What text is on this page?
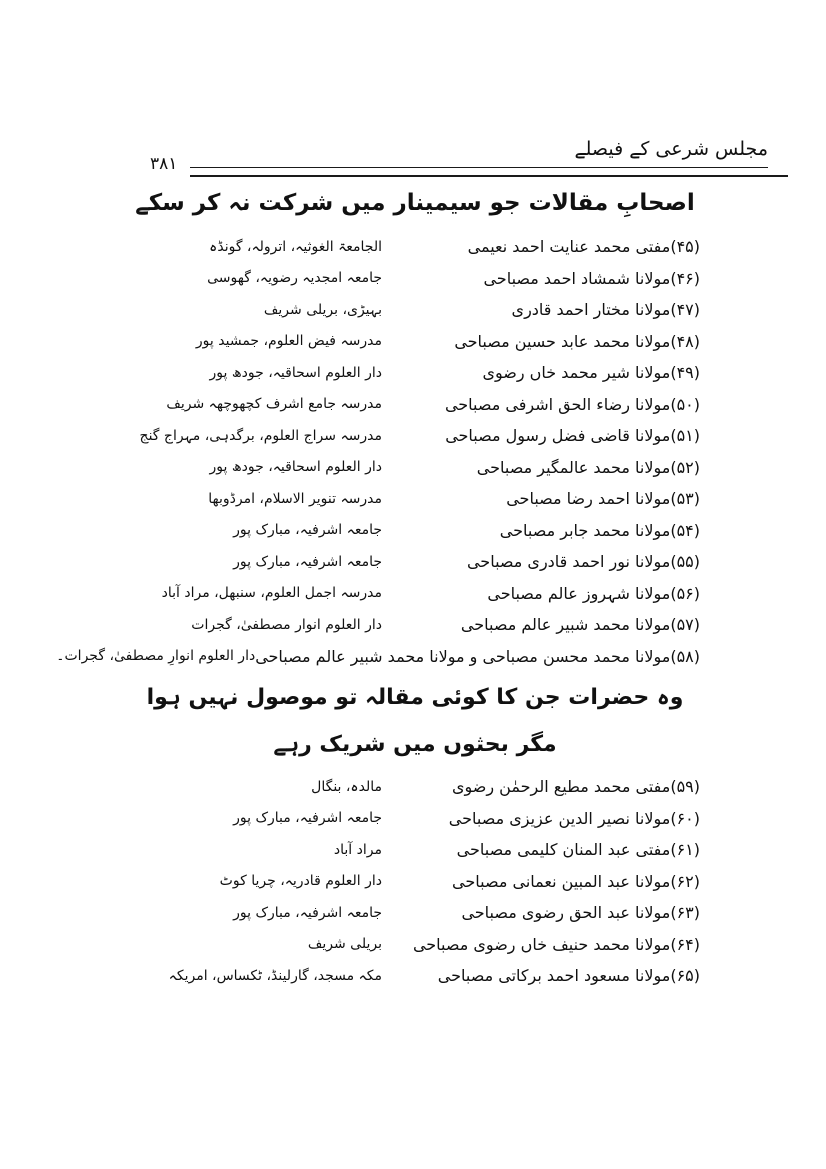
مجلس شرعی کے فیصلے
۳۸۱
اصحابِ مقالات جو سیمینار میں شرکت نہ کر سکے
(۴۵)مفتی محمد عنایت احمد نعیمی
الجامعۃ الغوثیہ، اترولہ، گونڈہ
(۴۶)مولانا شمشاد احمد مصباحی
جامعہ امجدیہ رضویہ، گھوسی
(۴۷)مولانا مختار احمد قادری
بہیڑی، بریلی شریف
(۴۸)مولانا محمد عابد حسین مصباحی
مدرسہ فیض العلوم، جمشید پور
(۴۹)مولانا شیر محمد خاں رضوی
دار العلوم اسحاقیہ، جودھ پور
(۵۰)مولانا رضاء الحق اشرفی مصباحی
مدرسہ جامع اشرف کچھوچھہ شریف
(۵۱)مولانا قاضی فضل رسول مصباحی
مدرسہ سراج العلوم، برگدہی، مہراج گنج
(۵۲)مولانا محمد عالمگیر مصباحی
دار العلوم اسحاقیہ، جودھ پور
(۵۳)مولانا احمد رضا مصباحی
مدرسہ تنویر الاسلام، امرڈوبھا
(۵۴)مولانا محمد جابر مصباحی
جامعہ اشرفیہ، مبارک پور
(۵۵)مولانا نور احمد قادری مصباحی
جامعہ اشرفیہ، مبارک پور
(۵۶)مولانا شہروز عالم مصباحی
مدرسہ اجمل العلوم، سنبھل، مراد آباد
(۵۷)مولانا محمد شبیر عالم مصباحی
دار العلوم انوار مصطفیٰ، گجرات
(۵۸)مولانا محمد محسن مصباحی و مولانا محمد شبیر عالم مصباحی
دار العلوم انوارِ مصطفیٰ، گجرات۔
وہ حضرات جن کا کوئی مقالہ تو موصول نہیں ہوا
مگر بحثوں میں شریک رہے
(۵۹)مفتی محمد مطیع الرحمٰن رضوی
مالدہ، بنگال
(۶۰)مولانا نصیر الدین عزیزی مصباحی
جامعہ اشرفیہ، مبارک پور
(۶۱)مفتی عبد المنان کلیمی مصباحی
مراد آباد
(۶۲)مولانا عبد المبین نعمانی مصباحی
دار العلوم قادریہ، چریا کوٹ
(۶۳)مولانا عبد الحق رضوی مصباحی
جامعہ اشرفیہ، مبارک پور
(۶۴)مولانا محمد حنیف خاں رضوی مصباحی
بریلی شریف
(۶۵)مولانا مسعود احمد برکاتی مصباحی
مکہ مسجد، گارلینڈ، ٹکساس، امریکہ
